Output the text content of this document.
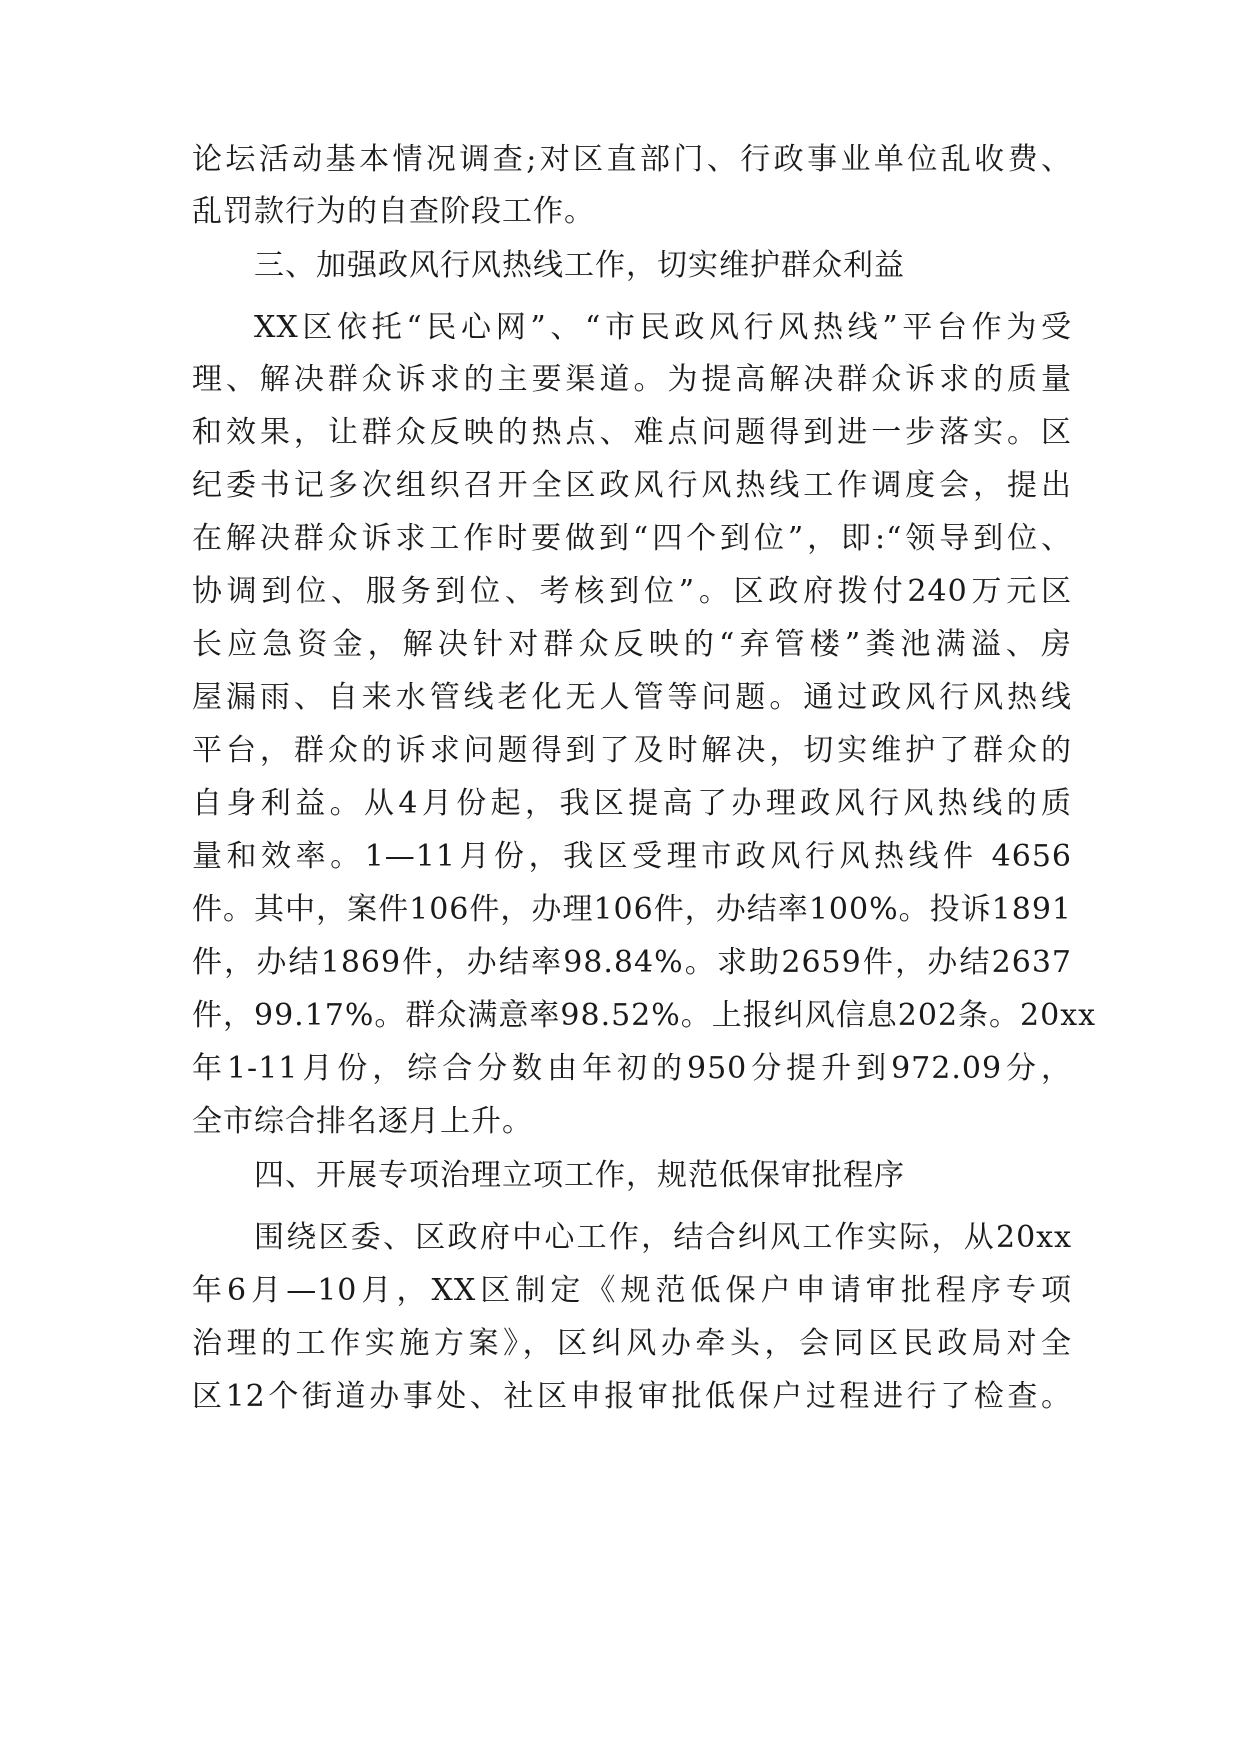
论坛活动基本情况调查;对区直部门、行政事业单位乱收费、
乱罚款行为的自查阶段工作。
三、加强政风行风热线工作，切实维护群众利益
XX区依托“民心网”、“市民政风行风热线”平台作为受
理、解决群众诉求的主要渠道。为提高解决群众诉求的质量
和效果，让群众反映的热点、难点问题得到进一步落实。区
纪委书记多次组织召开全区政风行风热线工作调度会，提出
在解决群众诉求工作时要做到“四个到位”，即:“领导到位、
协调到位、服务到位、考核到位”。区政府拨付240万元区
长应急资金，解决针对群众反映的“弃管楼”粪池满溢、房
屋漏雨、自来水管线老化无人管等问题。通过政风行风热线
平台，群众的诉求问题得到了及时解决，切实维护了群众的
自身利益。从4月份起，我区提高了办理政风行风热线的质
量和效率。1—11月份，我区受理市政风行风热线件 4656
件。其中，案件106件，办理106件，办结率100%。投诉1891
件，办结1869件，办结率98.84%。求助2659件，办结2637
件，99.17%。群众满意率98.52%。上报纠风信息202条。20xx
年1-11月份，综合分数由年初的950分提升到972.09分，
全市综合排名逐月上升。
四、开展专项治理立项工作，规范低保审批程序
围绕区委、区政府中心工作，结合纠风工作实际，从20xx
年6月—10月，XX区制定《规范低保户申请审批程序专项
治理的工作实施方案》，区纠风办牵头，会同区民政局对全
区12个街道办事处、社区申报审批低保户过程进行了检查。
